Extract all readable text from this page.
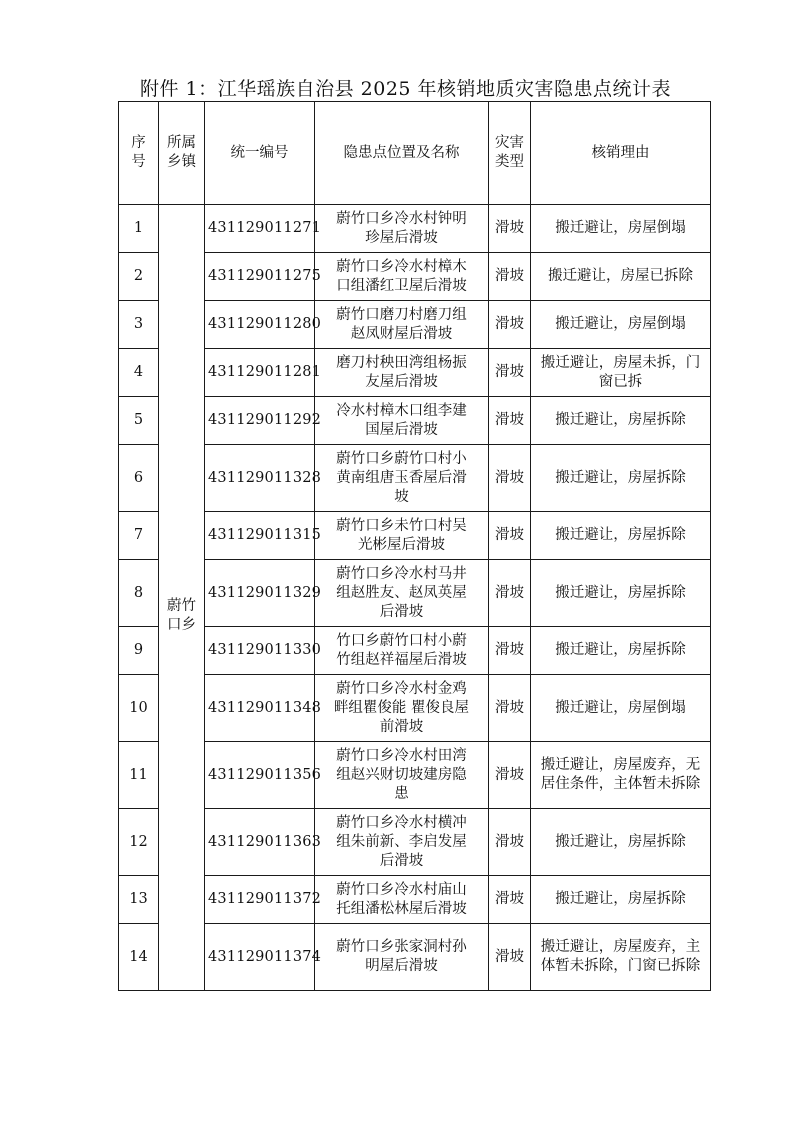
附件 1：江华瑶族自治县 2025 年核销地质灾害隐患点统计表
序号	所属乡镇	统一编号	隐患点位置及名称	灾害类型	核销理由
1	蔚竹口乡	431129011271	蔚竹口乡冷水村钟明珍屋后滑坡	滑坡	搬迁避让，房屋倒塌

2		431129011275	蔚竹口乡冷水村樟木口组潘红卫屋后滑坡	滑坡	搬迁避让，房屋已拆除

3		431129011280	蔚竹口磨刀村磨刀组赵凤财屋后滑坡	滑坡	搬迁避让，房屋倒塌

4		431129011281	磨刀村秧田湾组杨振友屋后滑坡	滑坡	搬迁避让，房屋未拆，门窗已拆

5		431129011292	冷水村樟木口组李建国屋后滑坡	滑坡	搬迁避让，房屋拆除

6		431129011328	蔚竹口乡蔚竹口村小黄南组唐玉香屋后滑坡	滑坡	搬迁避让，房屋拆除

7		431129011315	蔚竹口乡未竹口村吴光彬屋后滑坡	滑坡	搬迁避让，房屋拆除

8		431129011329	蔚竹口乡冷水村马井组赵胜友、赵凤英屋后滑坡	滑坡	搬迁避让，房屋拆除

9		431129011330	竹口乡蔚竹口村小蔚竹组赵祥福屋后滑坡	滑坡	搬迁避让，房屋拆除

10		431129011348	蔚竹口乡冷水村金鸡畔组瞿俊能 瞿俊良屋前滑坡	滑坡	搬迁避让，房屋倒塌

11		431129011356	蔚竹口乡冷水村田湾组赵兴财切坡建房隐患	滑坡	搬迁避让，房屋废弃，无居住条件，主体暂未拆除

12		431129011363	蔚竹口乡冷水村横冲组朱前新、李启发屋后滑坡	滑坡	搬迁避让，房屋拆除

13		431129011372	蔚竹口乡冷水村庙山托组潘松林屋后滑坡	滑坡	搬迁避让，房屋拆除

14		431129011374	蔚竹口乡张家洞村孙明屋后滑坡	滑坡	搬迁避让，房屋废弃，主体暂未拆除，门窗已拆除
